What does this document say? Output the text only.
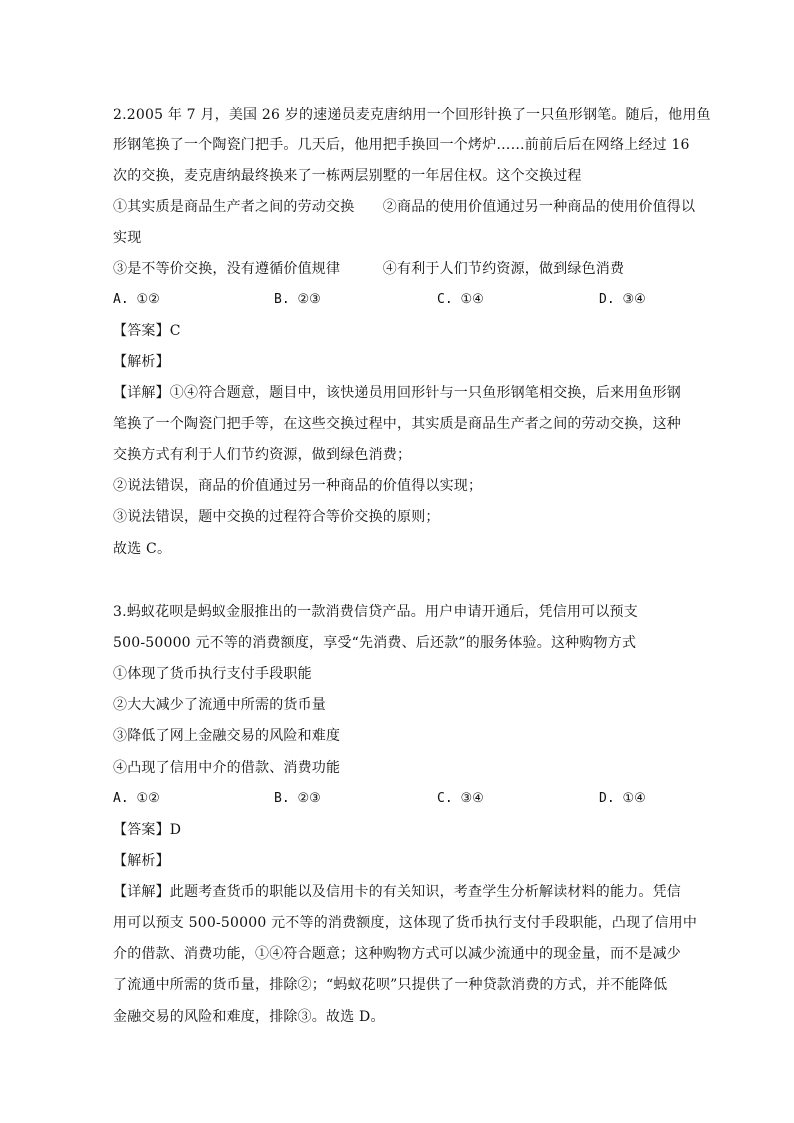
2.2005 年 7 月，美国 26 岁的速递员麦克唐纳用一个回形针换了一只鱼形钢笔。随后，他用鱼
形钢笔换了一个陶瓷门把手。几天后，他用把手换回一个烤炉……前前后后在网络上经过 16
次的交换，麦克唐纳最终换来了一栋两层别墅的一年居住权。这个交换过程
①其实质是商品生产者之间的劳动交换　　②商品的使用价值通过另一种商品的使用价值得以
实现
③是不等价交换，没有遵循价值规律　　　④有利于人们节约资源，做到绿色消费
A. ①②	B. ②③	C. ①④	D. ③④
【答案】C
【解析】
【详解】①④符合题意，题目中，该快递员用回形针与一只鱼形钢笔相交换，后来用鱼形钢
笔换了一个陶瓷门把手等，在这些交换过程中，其实质是商品生产者之间的劳动交换，这种
交换方式有利于人们节约资源，做到绿色消费；
②说法错误，商品的价值通过另一种商品的价值得以实现；
③说法错误，题中交换的过程符合等价交换的原则；
故选 C。
3.蚂蚁花呗是蚂蚁金服推出的一款消费信贷产品。用户申请开通后，凭信用可以预支
500-50000 元不等的消费额度，享受“先消费、后还款”的服务体验。这种购物方式
①体现了货币执行支付手段职能
②大大减少了流通中所需的货币量
③降低了网上金融交易的风险和难度
④凸现了信用中介的借款、消费功能
A. ①②	B. ②③	C. ③④	D. ①④
【答案】D
【解析】
【详解】此题考查货币的职能以及信用卡的有关知识，考查学生分析解读材料的能力。凭信
用可以预支 500-50000 元不等的消费额度，这体现了货币执行支付手段职能，凸现了信用中
介的借款、消费功能，①④符合题意；这种购物方式可以减少流通中的现金量，而不是减少
了流通中所需的货币量，排除②；“蚂蚁花呗”只提供了一种贷款消费的方式，并不能降低
金融交易的风险和难度，排除③。故选 D。
